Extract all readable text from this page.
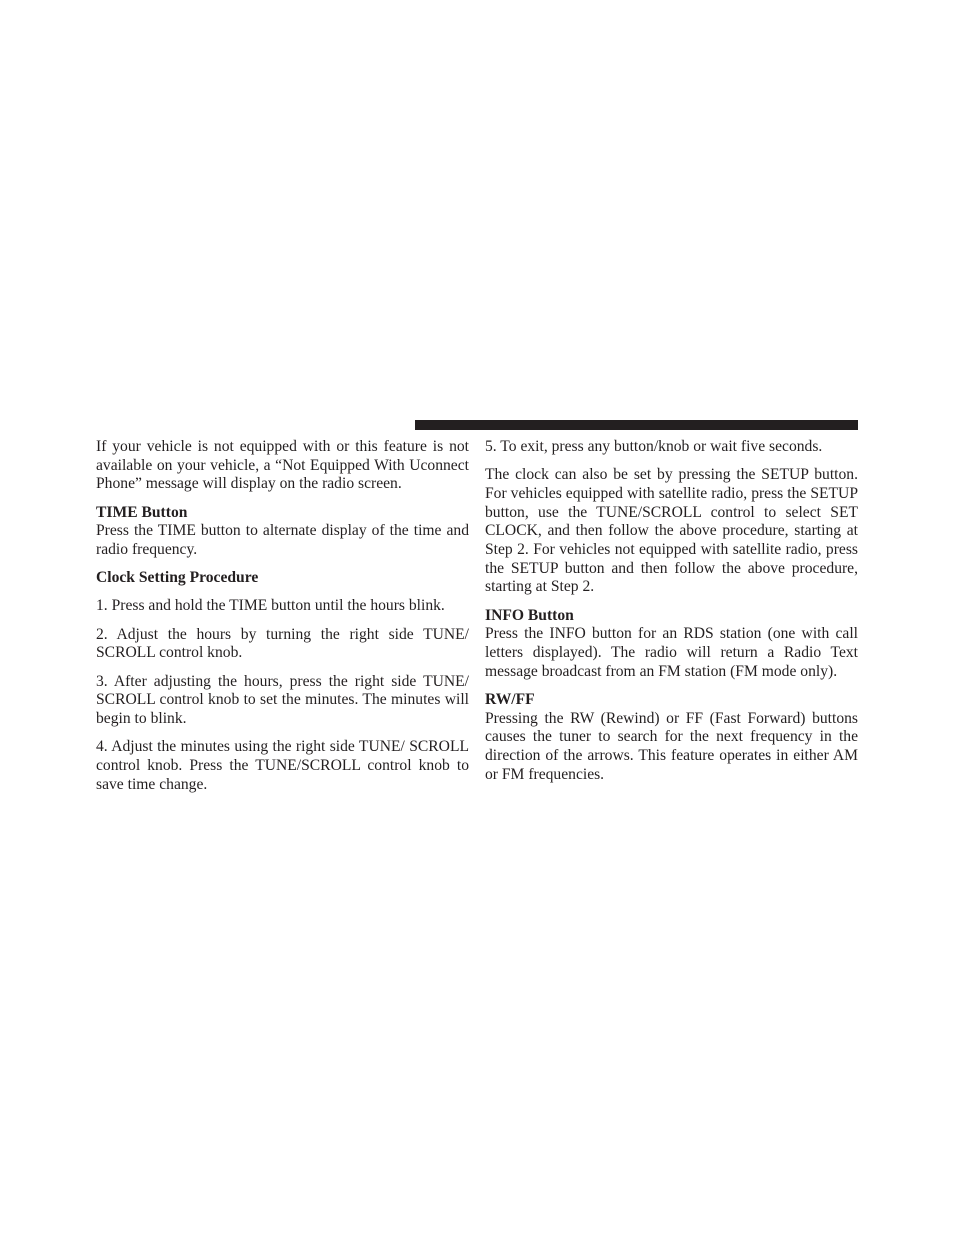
If your vehicle is not equipped with or this feature is not available on your vehicle, a “Not Equipped With Uconnect Phone” message will display on the radio screen.

TIME Button

Press the TIME button to alternate display of the time and radio frequency.

Clock Setting Procedure

1. Press and hold the TIME button until the hours blink.

2. Adjust the hours by turning the right side TUNE/ SCROLL control knob.

3. After adjusting the hours, press the right side TUNE/ SCROLL control knob to set the minutes. The minutes will begin to blink.

4. Adjust the minutes using the right side TUNE/ SCROLL control knob. Press the TUNE/SCROLL control knob to save time change.

5. To exit, press any button/knob or wait five seconds.

The clock can also be set by pressing the SETUP button. For vehicles equipped with satellite radio, press the SETUP button, use the TUNE/SCROLL control to select SET CLOCK, and then follow the above procedure, starting at Step 2. For vehicles not equipped with satellite radio, press the SETUP button and then follow the above procedure, starting at Step 2.

INFO Button

Press the INFO button for an RDS station (one with call letters displayed). The radio will return a Radio Text message broadcast from an FM station (FM mode only).

RW/FF

Pressing the RW (Rewind) or FF (Fast Forward) buttons causes the tuner to search for the next frequency in the direction of the arrows. This feature operates in either AM or FM frequencies.
